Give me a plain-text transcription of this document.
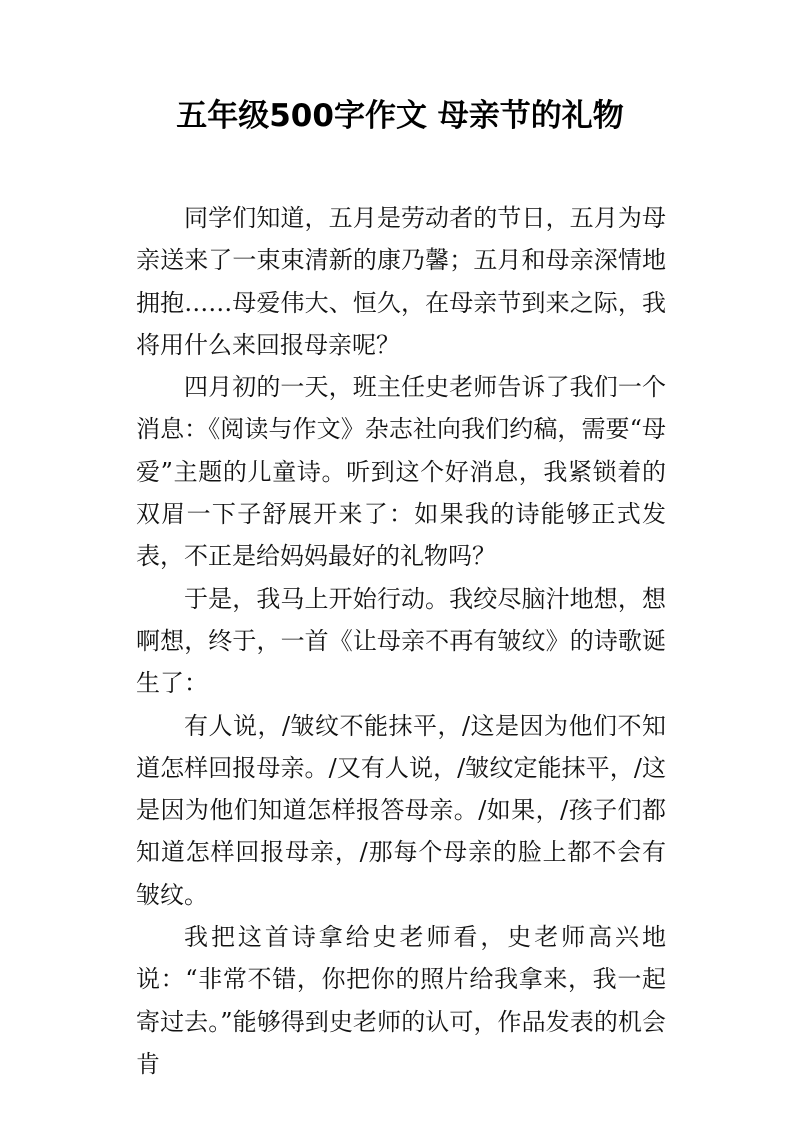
五年级500字作文 母亲节的礼物

同学们知道，五月是劳动者的节日，五月为母亲送来了一束束清新的康乃馨；五月和母亲深情地拥抱……母爱伟大、恒久，在母亲节到来之际，我将用什么来回报母亲呢？

四月初的一天，班主任史老师告诉了我们一个消息：《阅读与作文》杂志社向我们约稿，需要“母爱”主题的儿童诗。听到这个好消息，我紧锁着的双眉一下子舒展开来了：如果我的诗能够正式发表，不正是给妈妈最好的礼物吗？

于是，我马上开始行动。我绞尽脑汁地想，想啊想，终于，一首《让母亲不再有皱纹》的诗歌诞生了：

有人说，/皱纹不能抹平，/这是因为他们不知道怎样回报母亲。/又有人说，/皱纹定能抹平，/这是因为他们知道怎样报答母亲。/如果，/孩子们都知道怎样回报母亲，/那每个母亲的脸上都不会有皱纹。

我把这首诗拿给史老师看，史老师高兴地说：“非常不错，你把你的照片给我拿来，我一起寄过去。”能够得到史老师的认可，作品发表的机会肯
